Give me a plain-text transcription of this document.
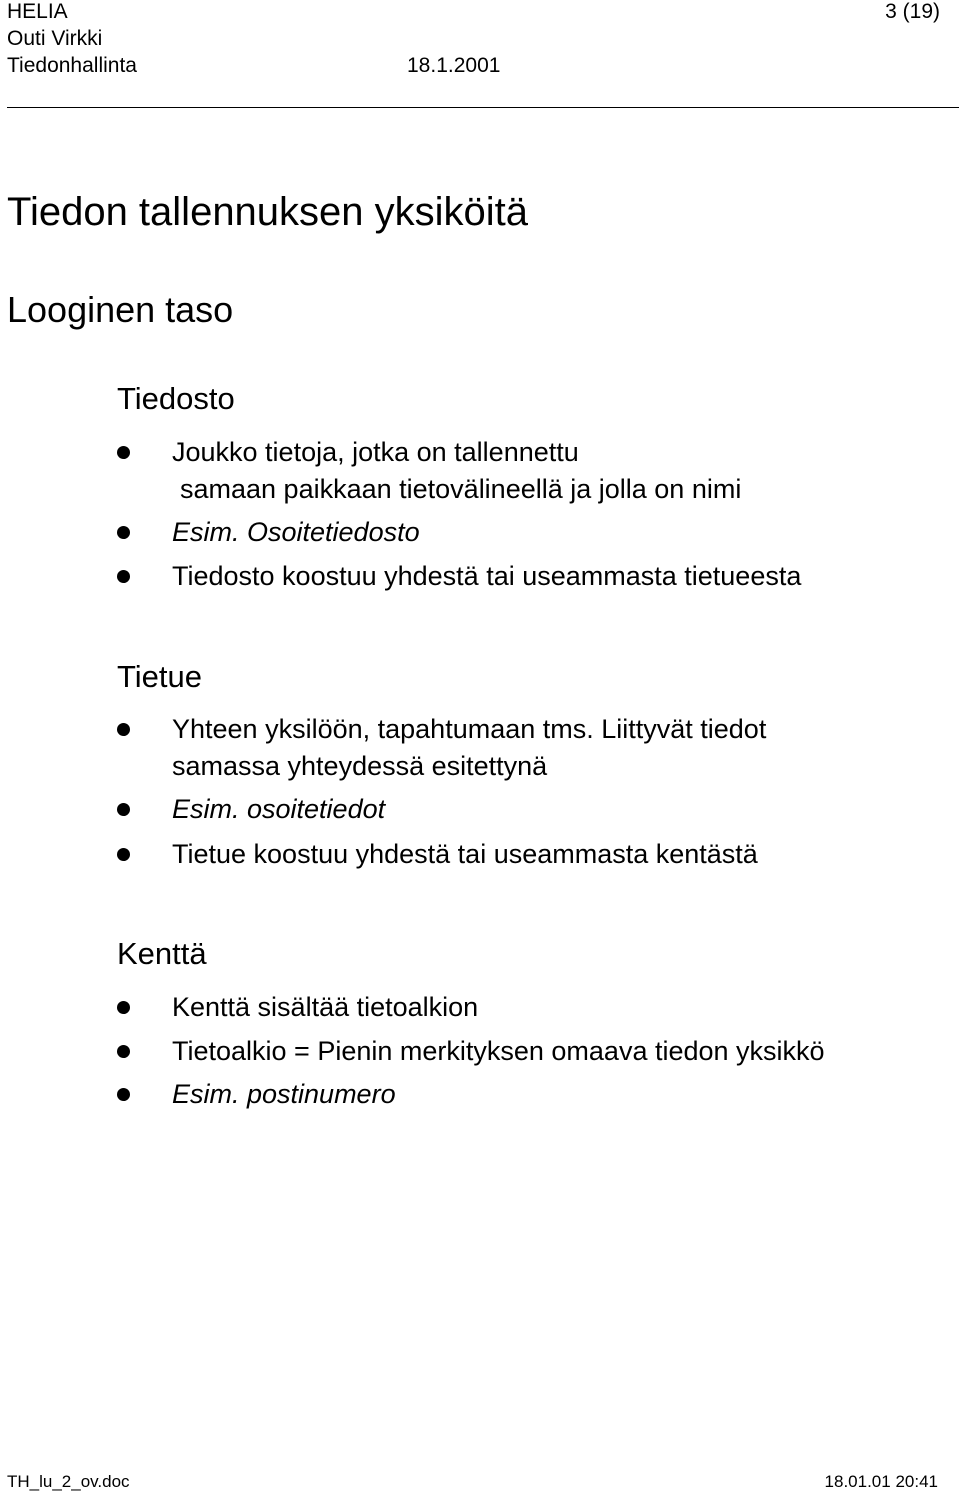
HELIA
Outi Virkki
Tiedonhallinta	18.1.2001
3 (19)
Tiedon tallennuksen yksiköitä
Looginen taso
Tiedosto
Joukko tietoja, jotka on tallennettu
samaan paikkaan tietovälineellä ja jolla on nimi
Esim. Osoitetiedosto
Tiedosto koostuu yhdestä tai useammasta tietueesta
Tietue
Yhteen yksilöön, tapahtumaan tms. Liittyvät tiedot
samassa yhteydessä esitettynä
Esim. osoitetiedot
Tietue koostuu yhdestä tai useammasta kentästä
Kenttä
Kenttä sisältää tietoalkion
Tietoalkio = Pienin merkityksen omaava tiedon yksikkö
Esim. postinumero
TH_lu_2_ov.doc	18.01.01 20:41
